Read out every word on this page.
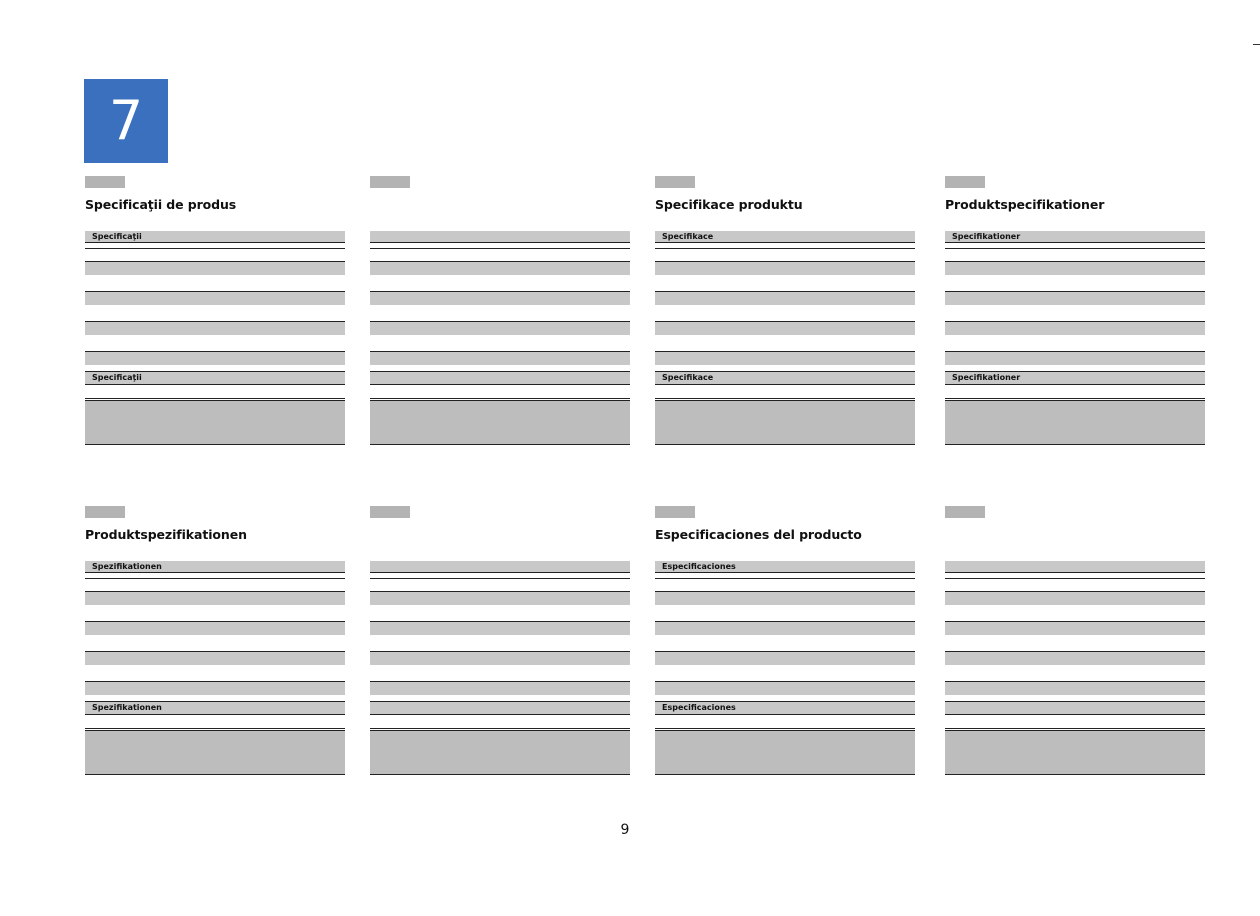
7
Specificaţii de produs
Specificaţii
Specificaţii
Specifikace produktu
Specifikace
Specifikace
Produktspecifikationer
Specifikationer
Specifikationer
Produktspezifikationen
Spezifikationen
Spezifikationen
Especificaciones del producto
Especificaciones
Especificaciones
9
